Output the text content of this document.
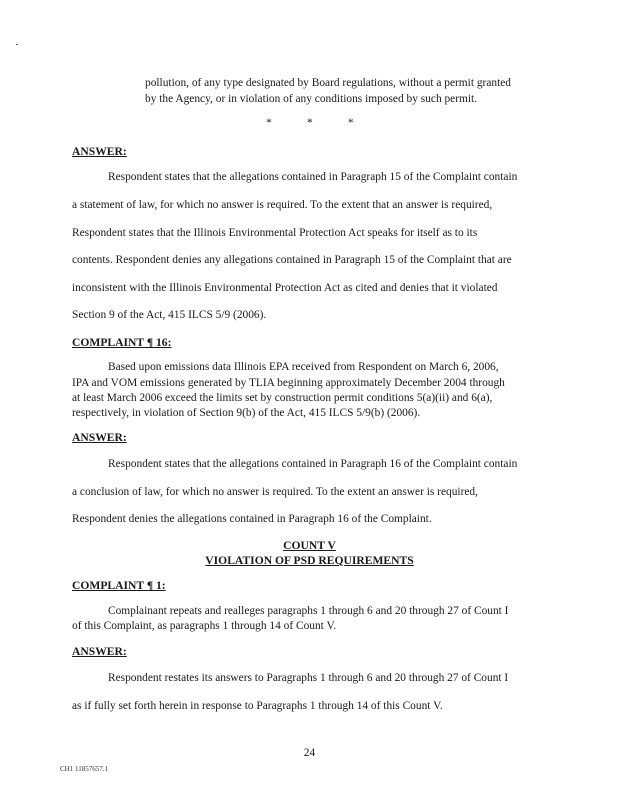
pollution, of any type designated by Board regulations, without a permit granted
by the Agency, or in violation of any conditions imposed by such permit.
*	*	*
ANSWER:
Respondent states that the allegations contained in Paragraph 15 of the Complaint contain
a statement of law, for which no answer is required. To the extent that an answer is required,
Respondent states that the Illinois Environmental Protection Act speaks for itself as to its
contents. Respondent denies any allegations contained in Paragraph 15 of the Complaint that are
inconsistent with the Illinois Environmental Protection Act as cited and denies that it violated
Section 9 of the Act, 415 ILCS 5/9 (2006).
COMPLAINT ¶ 16:
Based upon emissions data Illinois EPA received from Respondent on March 6, 2006,
IPA and VOM emissions generated by TLIA beginning approximately December 2004 through
at least March 2006 exceed the limits set by construction permit conditions 5(a)(ii) and 6(a),
respectively, in violation of Section 9(b) of the Act, 415 ILCS 5/9(b) (2006).
ANSWER:
Respondent states that the allegations contained in Paragraph 16 of the Complaint contain
a conclusion of law, for which no answer is required. To the extent an answer is required,
Respondent denies the allegations contained in Paragraph 16 of the Complaint.
COUNT V
VIOLATION OF PSD REQUIREMENTS
COMPLAINT ¶ 1:
Complainant repeats and realleges paragraphs 1 through 6 and 20 through 27 of Count I
of this Complaint, as paragraphs 1 through 14 of Count V.
ANSWER:
Respondent restates its answers to Paragraphs 1 through 6 and 20 through 27 of Count I
as if fully set forth herein in response to Paragraphs 1 through 14 of this Count V.
24
CH1 11857657.1
